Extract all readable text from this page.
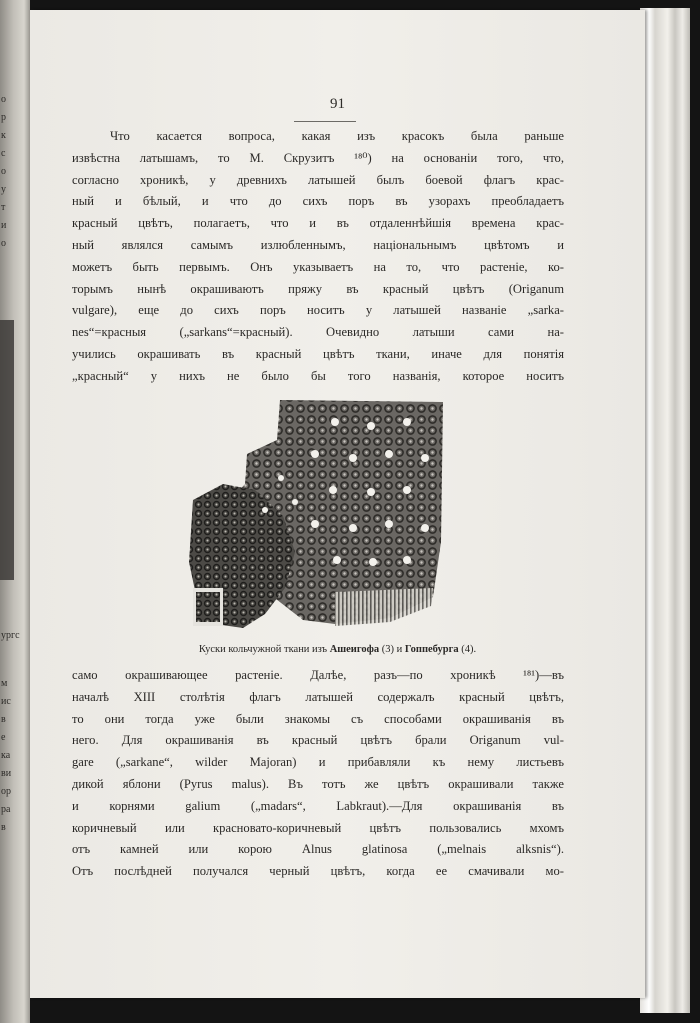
о
р
к
с
о
у
т
и
о
ургс
м
ис
в
е
ка
ви
ор
ра
в
91
Что касается вопроса, какая изъ красокъ была раньше
извѣстна латышамъ, то М. Скрузитъ ¹⁸⁰) на основаніи того, что,
согласно хроникѣ, у древнихъ латышей былъ боевой флагъ крас-
ный и бѣлый, и что до сихъ поръ въ узорахъ преобладаетъ
красный цвѣтъ, полагаетъ, что и въ отдаленнѣйшія времена крас-
ный являлся самымъ излюбленнымъ, національнымъ цвѣтомъ и
можетъ быть первымъ. Онъ указываетъ на то, что растеніе, ко-
торымъ нынѣ окрашиваютъ пряжу въ красный цвѣтъ (Origanum
vulgare), еще до сихъ поръ носитъ у латышей названіе „sarka-
nes“=красныя („sarkans“=красный). Очевидно латыши сами на-
учились окрашивать въ красный цвѣтъ ткани, иначе для понятія
„красный“ у нихъ не было бы того названія, которое носитъ
Куски кольчужной ткани изъ Ашеигофа (3) и Гоппебурга (4).
само окрашивающее растеніе. Далѣе, разъ—по хроникѣ ¹⁸¹)—въ
началѣ XIII столѣтія флагъ латышей содержалъ красный цвѣтъ,
то они тогда уже были знакомы съ способами окрашиванія въ
него. Для окрашиванія въ красный цвѣтъ брали Origanum vul-
gare („sarkane“, wilder Majoran) и прибавляли къ нему листьевъ
дикой яблони (Pyrus malus). Въ тотъ же цвѣтъ окрашивали также
и корнями galium („madars“, Labkraut).—Для окрашиванія въ
коричневый или красновато-коричневый цвѣтъ пользовались мхомъ
отъ камней или корою Alnus glatinosa („melnais alksnis“).
Отъ послѣдней получался черный цвѣтъ, когда ее смачивали мо-
